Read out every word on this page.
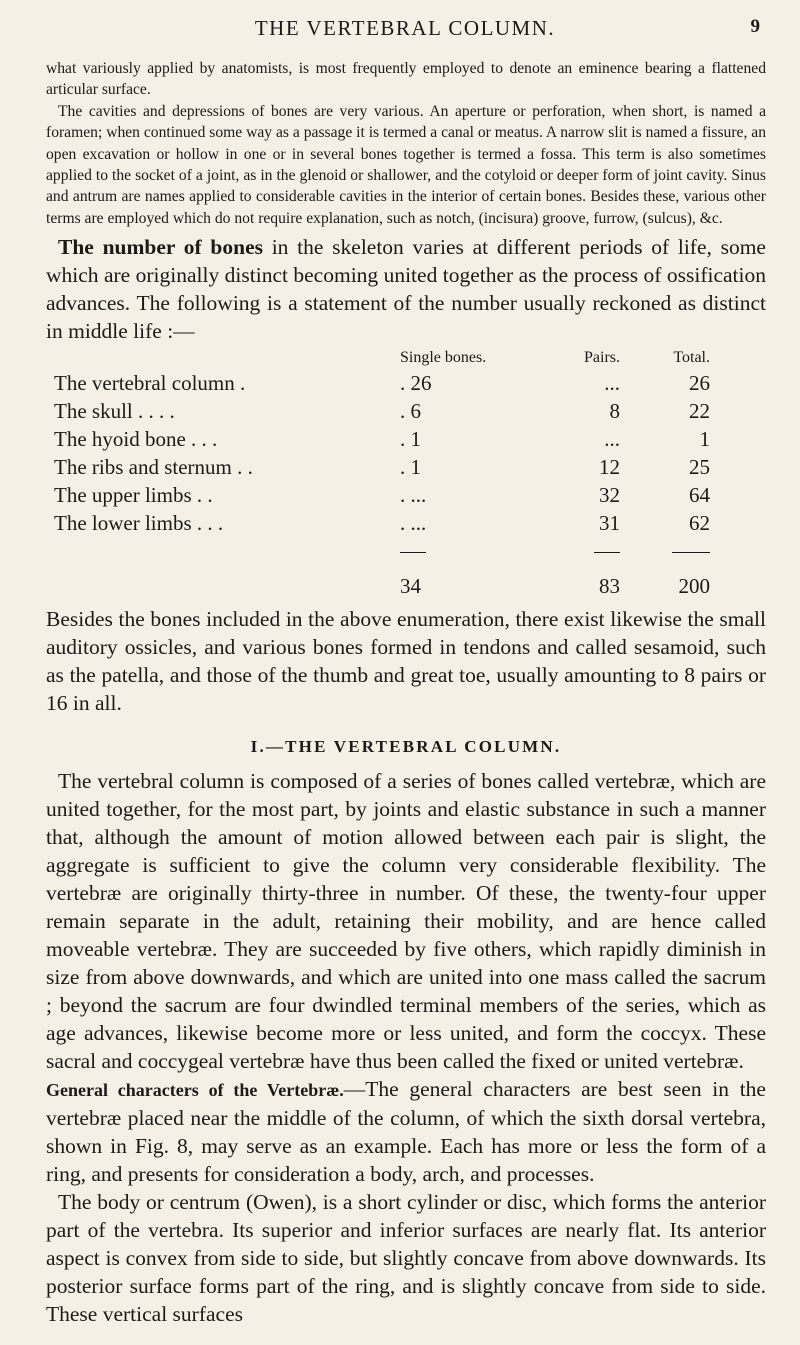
THE VERTEBRAL COLUMN.	9

what variously applied by anatomists, is most frequently employed to denote an eminence bearing a flattened articular surface.

The cavities and depressions of bones are very various. An aperture or perforation, when short, is named a foramen; when continued some way as a passage it is termed a canal or meatus. A narrow slit is named a fissure, an open excavation or hollow in one or in several bones together is termed a fossa. This term is also sometimes applied to the socket of a joint, as in the glenoid or shallower, and the cotyloid or deeper form of joint cavity. Sinus and antrum are names applied to considerable cavities in the interior of certain bones. Besides these, various other terms are employed which do not require explanation, such as notch, (incisura) groove, furrow, (sulcus), &c.

The number of bones in the skeleton varies at different periods of life, some which are originally distinct becoming united together as the process of ossification advances. The following is a statement of the number usually reckoned as distinct in middle life :—

	Single bones.	Pairs.	Total.
The vertebral column .	. 26	...	26
The skull . . . .	. 6	8	22
The hyoid bone . . .	. 1	...	1
The ribs and sternum . .	. 1	12	25
The upper limbs . .	. ...	32	64
The lower limbs . . .	. ...	31	62

	34	83	200

Besides the bones included in the above enumeration, there exist likewise the small auditory ossicles, and various bones formed in tendons and called sesamoid, such as the patella, and those of the thumb and great toe, usually amounting to 8 pairs or 16 in all.

I.—THE VERTEBRAL COLUMN.

The vertebral column is composed of a series of bones called vertebræ, which are united together, for the most part, by joints and elastic substance in such a manner that, although the amount of motion allowed between each pair is slight, the aggregate is sufficient to give the column very considerable flexibility. The vertebræ are originally thirty-three in number. Of these, the twenty-four upper remain separate in the adult, retaining their mobility, and are hence called moveable vertebræ. They are succeeded by five others, which rapidly diminish in size from above downwards, and which are united into one mass called the sacrum ; beyond the sacrum are four dwindled terminal members of the series, which as age advances, likewise become more or less united, and form the coccyx. These sacral and coccygeal vertebræ have thus been called the fixed or united vertebræ.

General characters of the Vertebræ.—The general characters are best seen in the vertebræ placed near the middle of the column, of which the sixth dorsal vertebra, shown in Fig. 8, may serve as an example. Each has more or less the form of a ring, and presents for consideration a body, arch, and processes.

The body or centrum (Owen), is a short cylinder or disc, which forms the anterior part of the vertebra. Its superior and inferior surfaces are nearly flat. Its anterior aspect is convex from side to side, but slightly concave from above downwards. Its posterior surface forms part of the ring, and is slightly concave from side to side. These vertical surfaces
